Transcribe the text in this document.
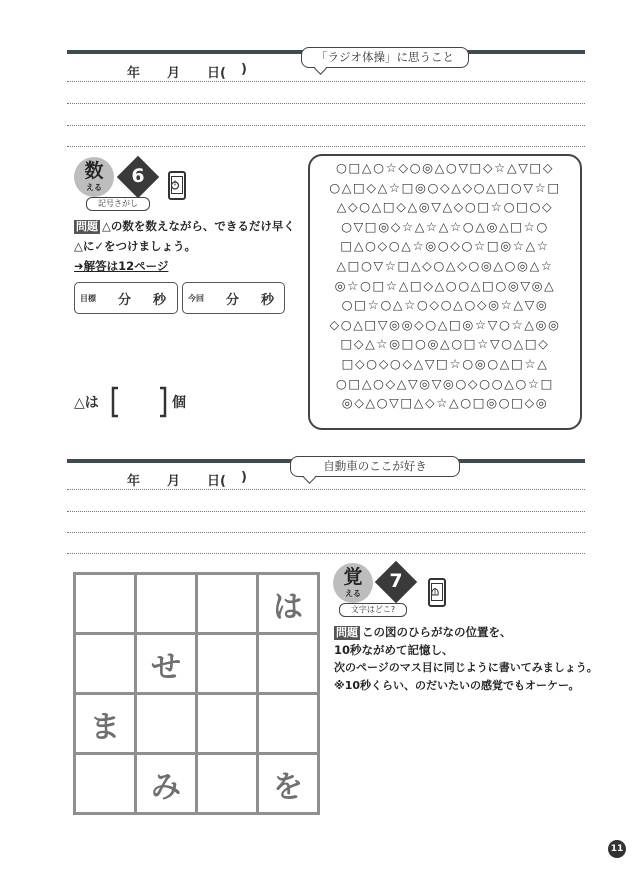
「ラジオ体操」に思うこと
年	月	日(	)
数
える
6
記号さがし
問題 △の数を数えながら、できるだけ早く
△に✓をつけましょう。
➜解答は12ページ
目標 分 秒	今回 分 秒
△は	個
○□△○☆◇○◎△○▽□◇☆△▽□◇
○△□◇△☆□◎○◇△◇○△□○▽☆□
△◇○△□◇△◎▽△◇○□☆○□○◇
○▽□◎◇☆△☆△☆○△◎△□☆○
□△○◇○△☆◎○◇○☆□◎☆△☆
△□○▽☆□△◇○△◇○◎△○◎△☆
◎☆○□☆△□◇△○○△□○◎▽◎△
○□☆○△☆○◇○△○◇◎☆△▽◎
◇○△□▽◎◎◇○△□◎☆▽○☆△◎◎
□◇△☆◎□○◎△○□☆▽○△□◇
□◇○◇○◇△▽□☆○◎○△□☆△
○□△○◇△▽◎▽◎○◇○○△○☆□
◎◇△○▽□△◇☆△○□◎○□◇◎
自動車のここが好き
年	月	日(	)
			は
	せ		
ま			
	み		を
覚
える
7
文字はどこ?
問題 この図のひらがなの位置を、
10秒ながめて記憶し、
次のページのマス目に同じように書いてみましょう。
※10秒くらい、のだいたいの感覚でもオーケー。
11
